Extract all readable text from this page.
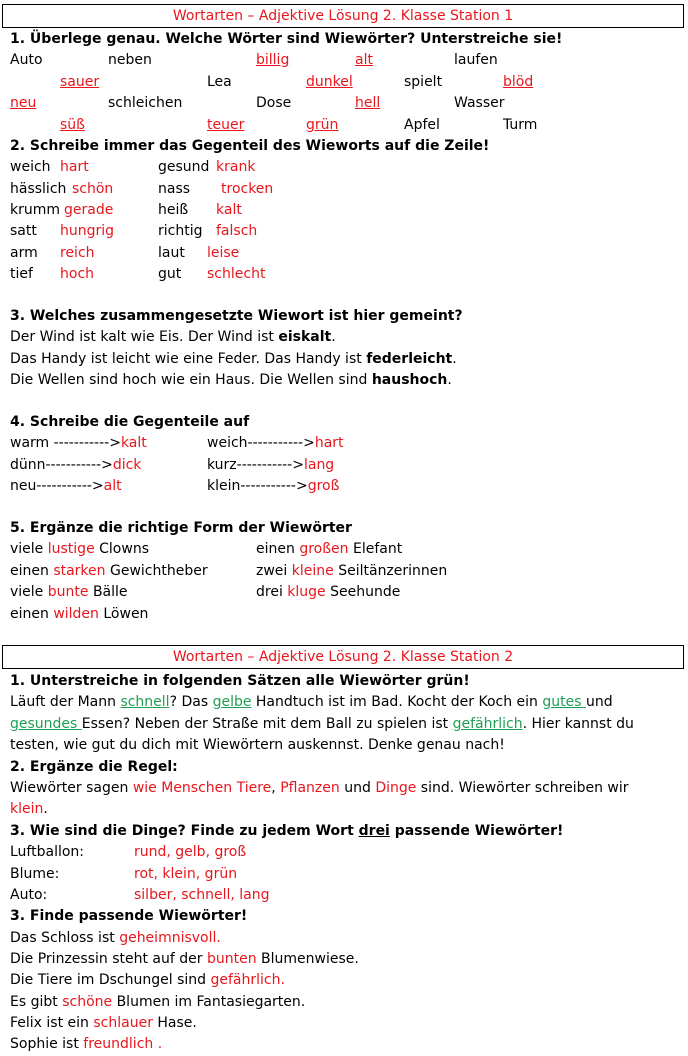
Wortarten – Adjektive Lösung 2. Klasse Station 1
1. Überlege genau. Welche Wörter sind Wiewörter? Unterstreiche sie!
Auto	neben	billig	alt	laufen
sauer	Lea	dunkel	spielt	blöd
neu	schleichen	Dose	hell	Wasser
süß	teuer	grün	Apfel	Turm
2. Schreibe immer das Gegenteil des Wieworts auf die Zeile!
weich hart	gesund krank
hässlich schön	nass trocken
krumm gerade	heiß kalt
satt hungrig	richtig falsch
arm reich	laut leise
tief hoch	gut schlecht
3. Welches zusammengesetzte Wiewort ist hier gemeint?
Der Wind ist kalt wie Eis. Der Wind ist eiskalt.
Das Handy ist leicht wie eine Feder. Das Handy ist federleicht.
Die Wellen sind hoch wie ein Haus. Die Wellen sind haushoch.
4. Schreibe die Gegenteile auf
warm ----------->kalt	weich----------->hart
dünn----------->dick	kurz----------->lang
neu----------->alt	klein----------->groß
5. Ergänze die richtige Form der Wiewörter
viele lustige Clowns	einen großen Elefant
einen starken Gewichtheber	zwei kleine Seiltänzerinnen
viele bunte Bälle	drei kluge Seehunde
einen wilden Löwen
Wortarten – Adjektive Lösung 2. Klasse Station 2
1. Unterstreiche in folgenden Sätzen alle Wiewörter grün!
Läuft der Mann schnell? Das gelbe Handtuch ist im Bad. Kocht der Koch ein gutes und
gesundes Essen? Neben der Straße mit dem Ball zu spielen ist gefährlich. Hier kannst du
testen, wie gut du dich mit Wiewörtern auskennst. Denke genau nach!
2. Ergänze die Regel:
Wiewörter sagen wie Menschen Tiere, Pflanzen und Dinge sind. Wiewörter schreiben wir
klein.
3. Wie sind die Dinge? Finde zu jedem Wort drei passende Wiewörter!
Luftballon:	rund, gelb, groß
Blume:	rot, klein, grün
Auto:	silber, schnell, lang
3. Finde passende Wiewörter!
Das Schloss ist geheimnisvoll.
Die Prinzessin steht auf der bunten Blumenwiese.
Die Tiere im Dschungel sind gefährlich.
Es gibt schöne Blumen im Fantasiegarten.
Felix ist ein schlauer Hase.
Sophie ist freundlich .
